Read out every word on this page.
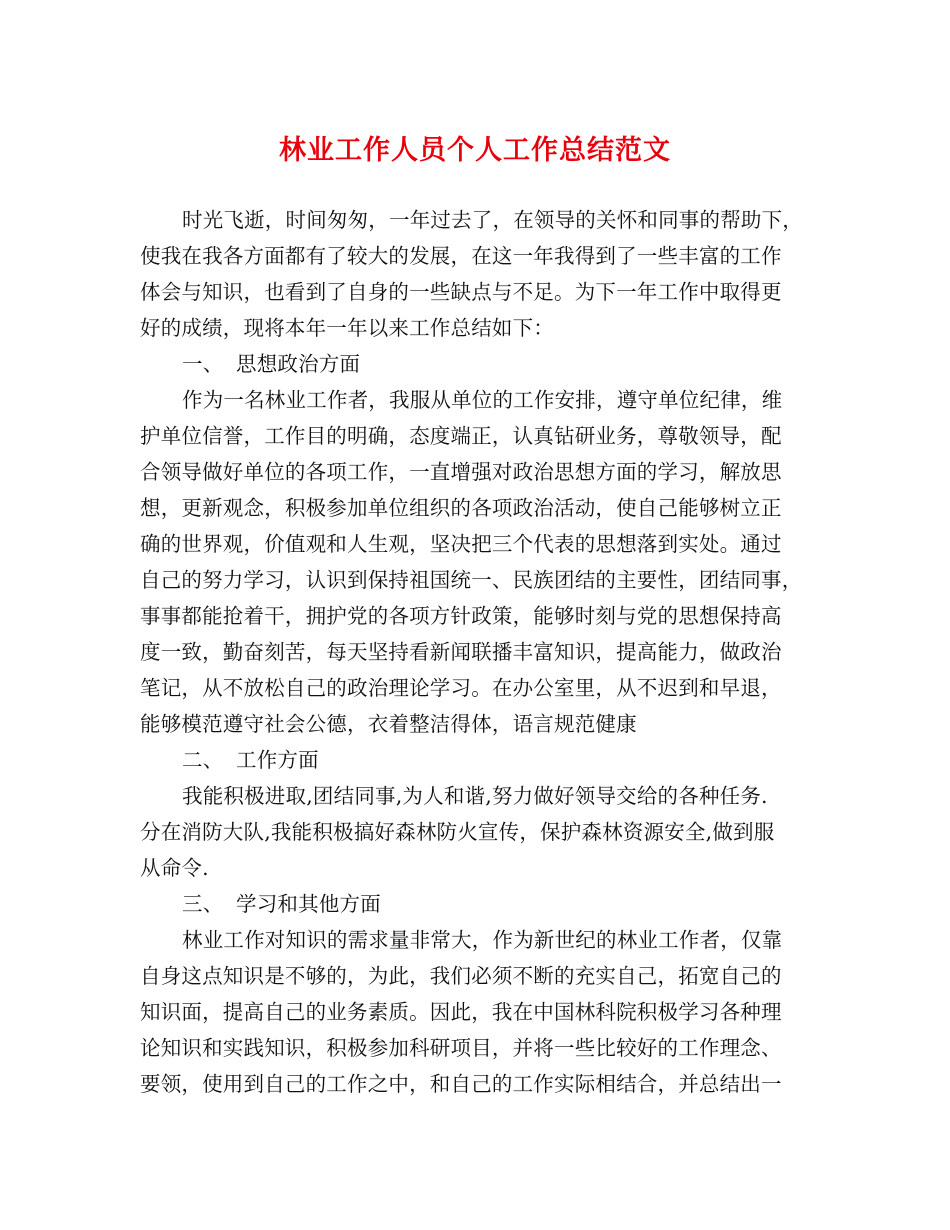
林业工作人员个人工作总结范文
时光飞逝，时间匆匆，一年过去了，在领导的关怀和同事的帮助下，
使我在我各方面都有了较大的发展，在这一年我得到了一些丰富的工作
体会与知识，也看到了自身的一些缺点与不足。为下一年工作中取得更
好的成绩，现将本年一年以来工作总结如下：
一、 思想政治方面
作为一名林业工作者，我服从单位的工作安排，遵守单位纪律，维
护单位信誉，工作目的明确，态度端正，认真钻研业务，尊敬领导，配
合领导做好单位的各项工作，一直增强对政治思想方面的学习，解放思
想，更新观念，积极参加单位组织的各项政治活动，使自己能够树立正
确的世界观，价值观和人生观，坚决把三个代表的思想落到实处。通过
自己的努力学习，认识到保持祖国统一、民族团结的主要性，团结同事，
事事都能抢着干，拥护党的各项方针政策，能够时刻与党的思想保持高
度一致，勤奋刻苦，每天坚持看新闻联播丰富知识，提高能力，做政治
笔记，从不放松自己的政治理论学习。在办公室里，从不迟到和早退，
能够模范遵守社会公德，衣着整洁得体，语言规范健康
二、 工作方面
我能积极进取,团结同事,为人和谐,努力做好领导交给的各种任务.
分在消防大队,我能积极搞好森林防火宣传，保护森林资源安全,做到服
从命令.
三、 学习和其他方面
林业工作对知识的需求量非常大，作为新世纪的林业工作者，仅靠
自身这点知识是不够的，为此，我们必须不断的充实自己，拓宽自己的
知识面，提高自己的业务素质。因此，我在中国林科院积极学习各种理
论知识和实践知识，积极参加科研项目，并将一些比较好的工作理念、
要领，使用到自己的工作之中，和自己的工作实际相结合，并总结出一
